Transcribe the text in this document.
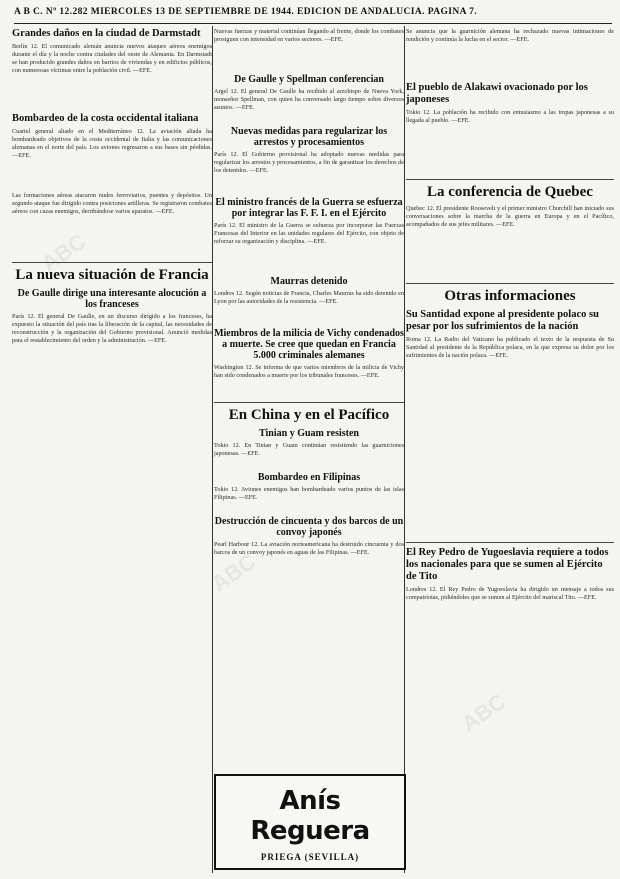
A B C. Nº 12.282 MIÉRCOLES 13 DE SEPTIEMBRE DE 1944. EDICION DE ANDALUCIA. PAGINA 7.
Grandes daños en la ciudad de Darmstadt
Berlín 12. El comunicado alemán anuncia nuevos ataques aéreos enemigos durante el día y la noche contra ciudades del oeste de Alemania. En Darmstadt se han producido grandes daños en barrios de viviendas y en edificios públicos, con numerosas víctimas entre la población civil. —EFE.
Bombardeo de la costa occidental italiana
Cuartel general aliado en el Mediterráneo 12. La aviación aliada ha bombardeado objetivos de la costa occidental de Italia y las comunicaciones alemanas en el norte del país. Los aviones regresaron a sus bases sin pérdidas. —EFE.
Las formaciones aéreas atacaron nudos ferroviarios, puentes y depósitos. Un segundo ataque fue dirigido contra posiciones artilleras. Se registraron combates aéreos con cazas enemigos, derribándose varios aparatos. —EFE.
La nueva situación de Francia
De Gaulle dirige una interesante alocución a los franceses
París 12. El general De Gaulle, en un discurso dirigido a los franceses, ha expuesto la situación del país tras la liberación de la capital, las necesidades de reconstrucción y la organización del Gobierno provisional. Anunció medidas para el restablecimiento del orden y la administración. —EFE.
Nuevas fuerzas y material continúan llegando al frente, donde los combates prosiguen con intensidad en varios sectores. —EFE.
De Gaulle y Spellman conferencian
Argel 12. El general De Gaulle ha recibido al arzobispo de Nueva York, monseñor Spellman, con quien ha conversado largo tiempo sobre diversos asuntos. —EFE.
Nuevas medidas para regularizar los arrestos y procesamientos
París 12. El Gobierno provisional ha adoptado nuevas medidas para regularizar los arrestos y procesamientos, a fin de garantizar los derechos de los detenidos. —EFE.
El ministro francés de la Guerra se esfuerza por integrar las F. F. I. en el Ejército
París 12. El ministro de la Guerra se esfuerza por incorporar las Fuerzas Francesas del Interior en las unidades regulares del Ejército, con objeto de reforzar su organización y disciplina. —EFE.
Maurras detenido
Londres 12. Según noticias de Francia, Charles Maurras ha sido detenido en Lyon por las autoridades de la resistencia. —EFE.
Miembros de la milicia de Vichy condenados a muerte. Se cree que quedan en Francia 5.000 criminales alemanes
Washington 12. Se informa de que varios miembros de la milicia de Vichy han sido condenados a muerte por los tribunales franceses. —EFE.
En China y en el Pacífico
Tinian y Guam resisten
Tokio 12. En Tinian y Guam continúan resistiendo las guarniciones japonesas. —EFE.
Bombardeo en Filipinas
Tokio 12. Aviones enemigos han bombardeado varios puntos de las islas Filipinas. —EFE.
Destrucción de cincuenta y dos barcos de un convoy japonés
Pearl Harbour 12. La aviación norteamericana ha destruido cincuenta y dos barcos de un convoy japonés en aguas de las Filipinas. —EFE.
Se anuncia que la guarnición alemana ha rechazado nuevas intimaciones de rendición y continúa la lucha en el sector. —EFE.
El pueblo de Alakawi ovacionado por los japoneses
Tokio 12. La población ha recibido con entusiasmo a las tropas japonesas a su llegada al pueblo. —EFE.
La conferencia de Quebec
Quebec 12. El presidente Roosevelt y el primer ministro Churchill han iniciado sus conversaciones sobre la marcha de la guerra en Europa y en el Pacífico, acompañados de sus jefes militares. —EFE.
Otras informaciones
Su Santidad expone al presidente polaco su pesar por los sufrimientos de la nación
Roma 12. La Radio del Vaticano ha publicado el texto de la respuesta de Su Santidad al presidente de la República polaca, en la que expresa su dolor por los sufrimientos de la nación polaca. —EFE.
El Rey Pedro de Yugoeslavia requiere a todos los nacionales para que se sumen al Ejército de Tito
Londres 12. El Rey Pedro de Yugoeslavia ha dirigido un mensaje a todos sus compatriotas, pidiéndoles que se sumen al Ejército del mariscal Tito. —EFE.
Anís Reguera
PRIEGA (SEVILLA)
ABC
ABC
ABC
